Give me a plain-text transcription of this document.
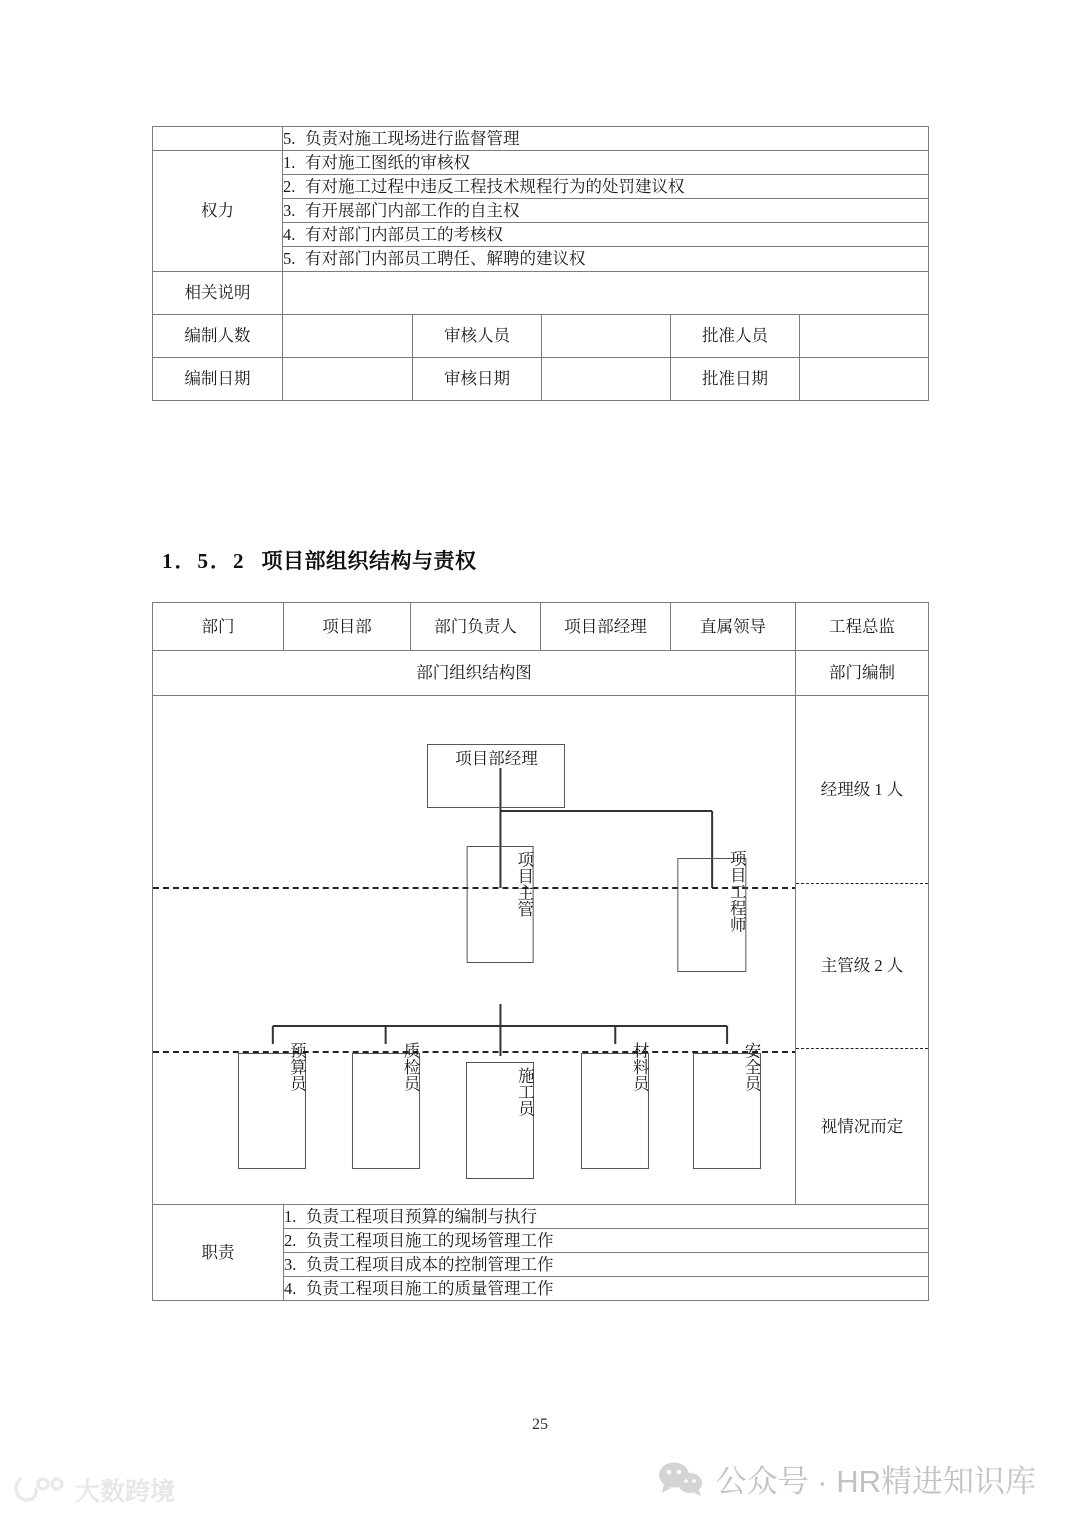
	5. 负责对施工现场进行监督管理				
权力	1. 有对施工图纸的审核权				
	2. 有对施工过程中违反工程技术规程行为的处罚建议权				
	3. 有开展部门内部工作的自主权				
	4. 有对部门内部员工的考核权				
	5. 有对部门内部员工聘任、解聘的建议权				
相关说明					
编制人数		审核人员		批准人员	
编制日期		审核日期		批准日期	
1．5．2 项目部组织结构与责权
部门	项目部	部门负责人	项目部经理	直属领导	工程总监
部门组织结构图					部门编制

项目部经理
项目主管	项目工程师
预算员	质检员
施工员
材料员	安全员

经理级 1 人
主管级 2 人
视情况而定

职责	1. 负责工程项目预算的编制与执行				
	2. 负责工程项目施工的现场管理工作				
	3. 负责工程项目成本的控制管理工作				
	4. 负责工程项目施工的质量管理工作				
25
公众号 · HR精进知识库
大数跨境
